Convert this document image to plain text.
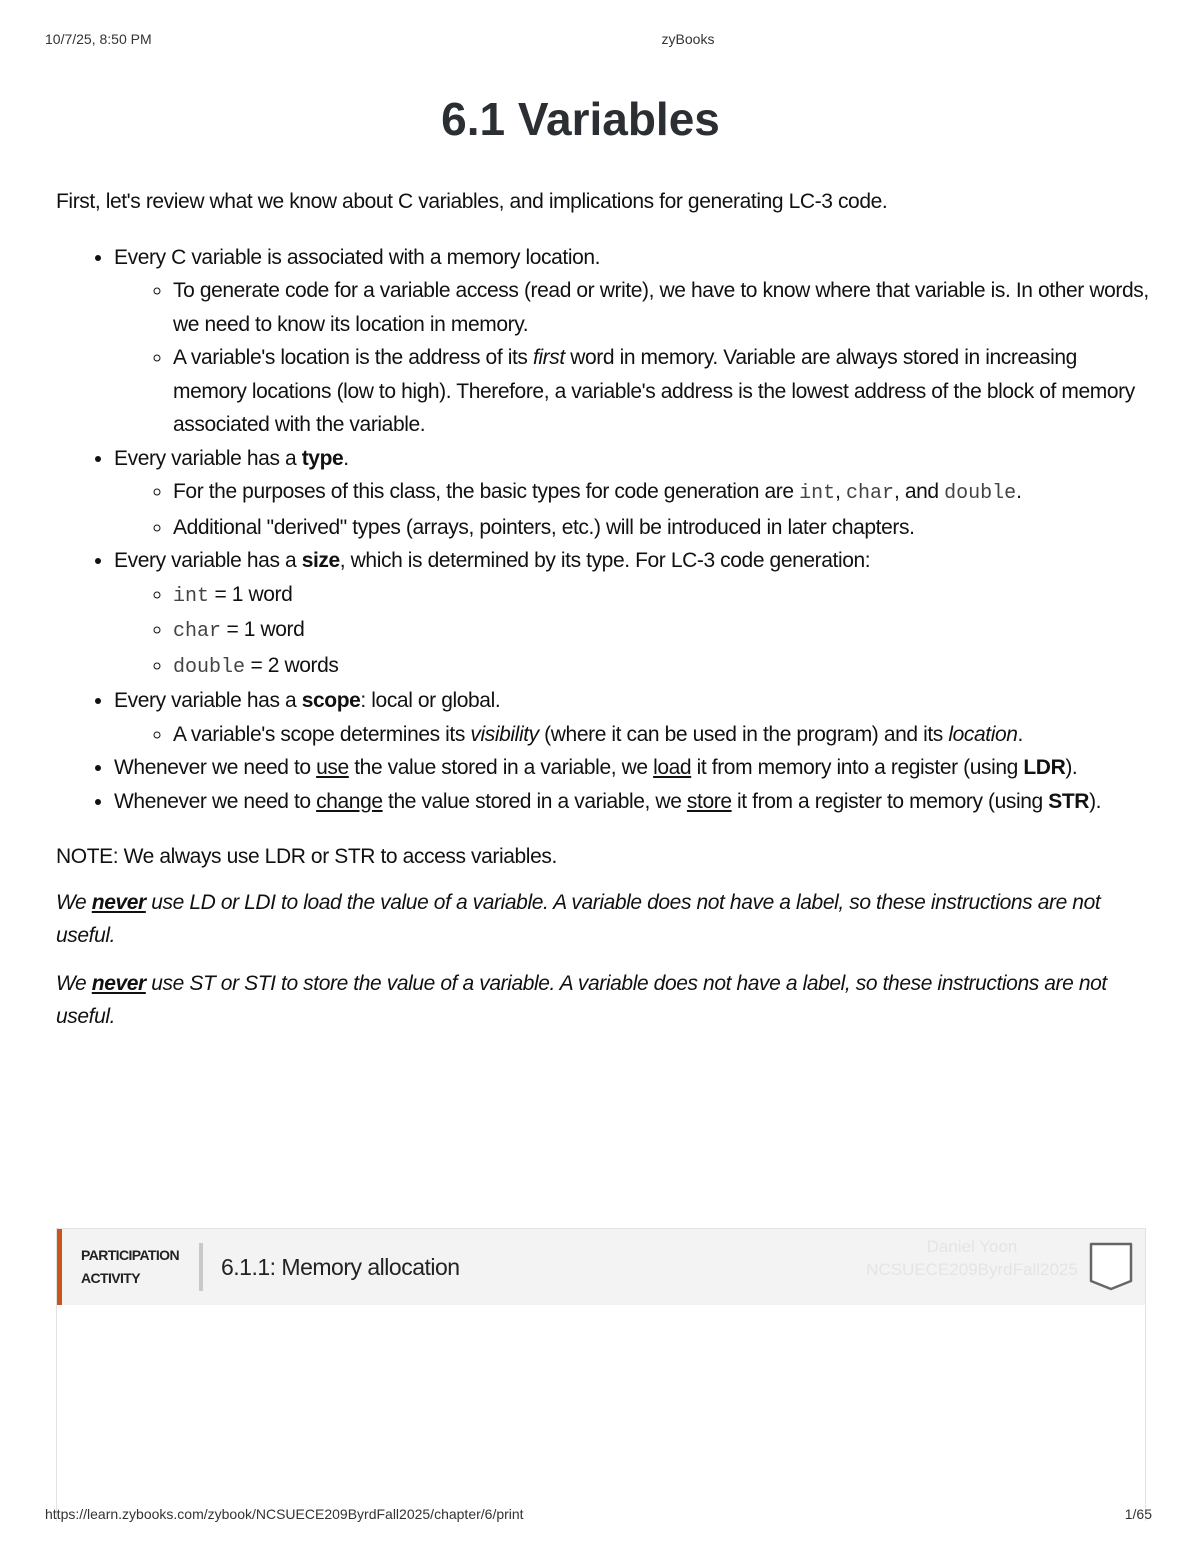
10/7/25, 8:50 PM	zyBooks
6.1 Variables

First, let's review what we know about C variables, and implications for generating LC-3 code.

• Every C variable is associated with a memory location.
◦ To generate code for a variable access (read or write), we have to know where that variable is. In other words, we need to know its location in memory.
◦ A variable's location is the address of its first word in memory. Variable are always stored in increasing memory locations (low to high). Therefore, a variable's address is the lowest address of the block of memory associated with the variable.
• Every variable has a type.
◦ For the purposes of this class, the basic types for code generation are int, char, and double.
◦ Additional "derived" types (arrays, pointers, etc.) will be introduced in later chapters.
• Every variable has a size, which is determined by its type. For LC-3 code generation:
◦ int = 1 word
◦ char = 1 word
◦ double = 2 words
• Every variable has a scope: local or global.
◦ A variable's scope determines its visibility (where it can be used in the program) and its location.
• Whenever we need to use the value stored in a variable, we load it from memory into a register (using LDR).
• Whenever we need to change the value stored in a variable, we store it from a register to memory (using STR).

NOTE: We always use LDR or STR to access variables.

We never use LD or LDI to load the value of a variable. A variable does not have a label, so these instructions are not useful.

We never use ST or STI to store the value of a variable. A variable does not have a label, so these instructions are not useful.

PARTICIPATION
ACTIVITY	6.1.1: Memory allocation
Daniel Yoon
NCSUECE209ByrdFall2025
https://learn.zybooks.com/zybook/NCSUECE209ByrdFall2025/chapter/6/print	1/65
